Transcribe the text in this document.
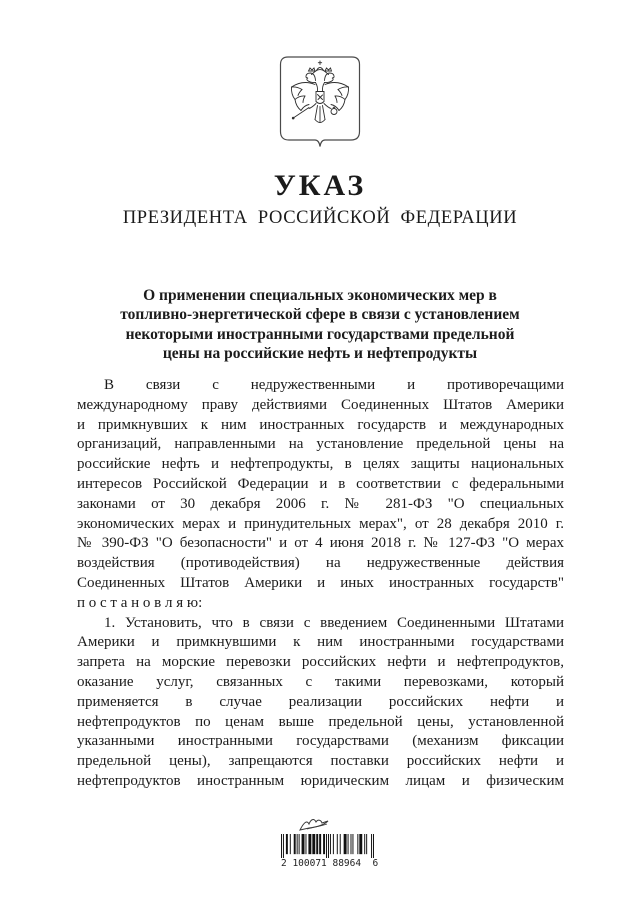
УКАЗ
ПРЕЗИДЕНТА РОССИЙСКОЙ ФЕДЕРАЦИИ
О применении специальных экономических мер в
топливно-энергетической сфере в связи с установлением
некоторыми иностранными государствами предельной
цены на российские нефть и нефтепродукты
В связи с недружественными и противоречащими
международному праву действиями Соединенных Штатов Америки
и примкнувших к ним иностранных государств и международных
организаций, направленными на установление предельной цены на
российские нефть и нефтепродукты, в целях защиты национальных
интересов Российской Федерации и в соответствии с федеральными
законами от 30 декабря 2006 г. № 281-ФЗ "О специальных
экономических мерах и принудительных мерах", от 28 декабря 2010 г.
№ 390-ФЗ "О безопасности" и от 4 июня 2018 г. № 127-ФЗ "О мерах
воздействия (противодействия) на недружественные действия
Соединенных Штатов Америки и иных иностранных государств"
п о с т а н о в л я ю:
1. Установить, что в связи с введением Соединенными Штатами
Америки и примкнувшими к ним иностранными государствами
запрета на морские перевозки российских нефти и нефтепродуктов,
оказание услуг, связанных с такими перевозками, который
применяется в случае реализации российских нефти и
нефтепродуктов по ценам выше предельной цены, установленной
указанными иностранными государствами (механизм фиксации
предельной цены), запрещаются поставки российских нефти и
нефтепродуктов иностранным юридическим лицам и физическим
2 100071 88964  6
